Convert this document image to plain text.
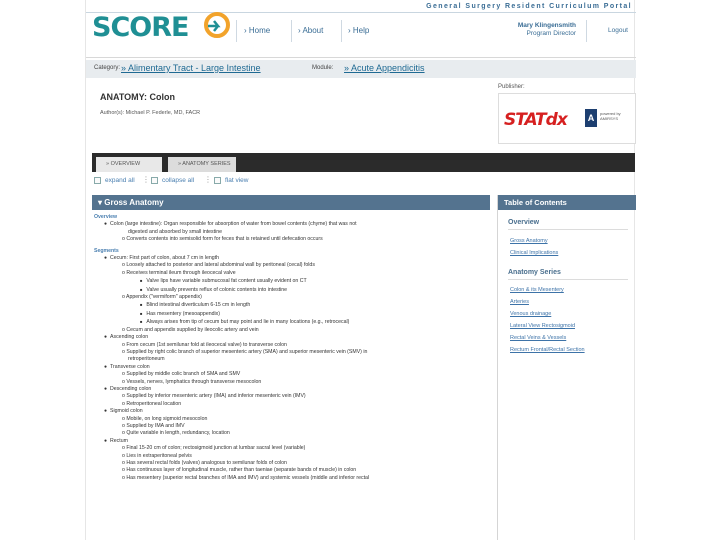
General Surgery Resident Curriculum Portal
SCORE	› Home	› About	› Help
Mary Klingensmith
Program Director	Logout
Category: » Alimentary Tract - Large Intestine	Module: » Acute Appendicitis
ANATOMY: Colon
Author(s): Michael P. Federle, MD, FACR
Publisher:
STATdx	A	powered by AMIRSYS
» OVERVIEW	» ANATOMY SERIES
expand all ⋮ collapse all ⋮ flat view
▾ Gross Anatomy
Overview
● Colon (large intestine): Organ responsible for absorption of water from bowel contents (chyme) that was not
digested and absorbed by small intestine
o Converts contents into semisolid form for feces that is retained until defecation occurs
Segments
● Cecum: First part of colon, about 7 cm in length
o Loosely attached to posterior and lateral abdominal wall by peritoneal (cecal) folds
o Receives terminal ileum through ileocecal valve
■ Valve lips have variable submucosal fat content usually evident on CT
■ Valve usually prevents reflux of colonic contents into intestine
o Appendix ("vermiform" appendix)
■ Blind intestinal diverticulum 6-15 cm in length
■ Has mesentery (mesoappendix)
■ Always arises from tip of cecum but may point and lie in many locations (e.g., retrocecal)
o Cecum and appendix supplied by ileocolic artery and vein
● Ascending colon
o From cecum (1st semilunar fold at ileocecal valve) to transverse colon
o Supplied by right colic branch of superior mesenteric artery (SMA) and superior mesenteric vein (SMV) in
retroperitoneum
● Transverse colon
o Supplied by middle colic branch of SMA and SMV
o Vessels, nerves, lymphatics through transverse mesocolon
● Descending colon
o Supplied by inferior mesenteric artery (IMA) and inferior mesenteric vein (IMV)
o Retroperitoneal location
● Sigmoid colon
o Mobile, on long sigmoid mesocolon
o Supplied by IMA and IMV
o Quite variable in length, redundancy, location
● Rectum
o Final 15-20 cm of colon; rectosigmoid junction at lumbar sacral level (variable)
o Lies in extraperitoneal pelvis
o Has several rectal folds (valves) analogous to semilunar folds of colon
o Has continuous layer of longitudinal muscle, rather than taeniae (separate bands of muscle) in colon
o Has mesentery (superior rectal branches of IMA and IMV) and systemic vessels (middle and inferior rectal
Table of Contents
Overview
Gross Anatomy
Clinical Implications
Anatomy Series
Colon & its Mesentery
Arteries
Venous drainage
Lateral View Rectosigmoid
Rectal Veins & Vessels
Rectum Frontal/Rectal Section
